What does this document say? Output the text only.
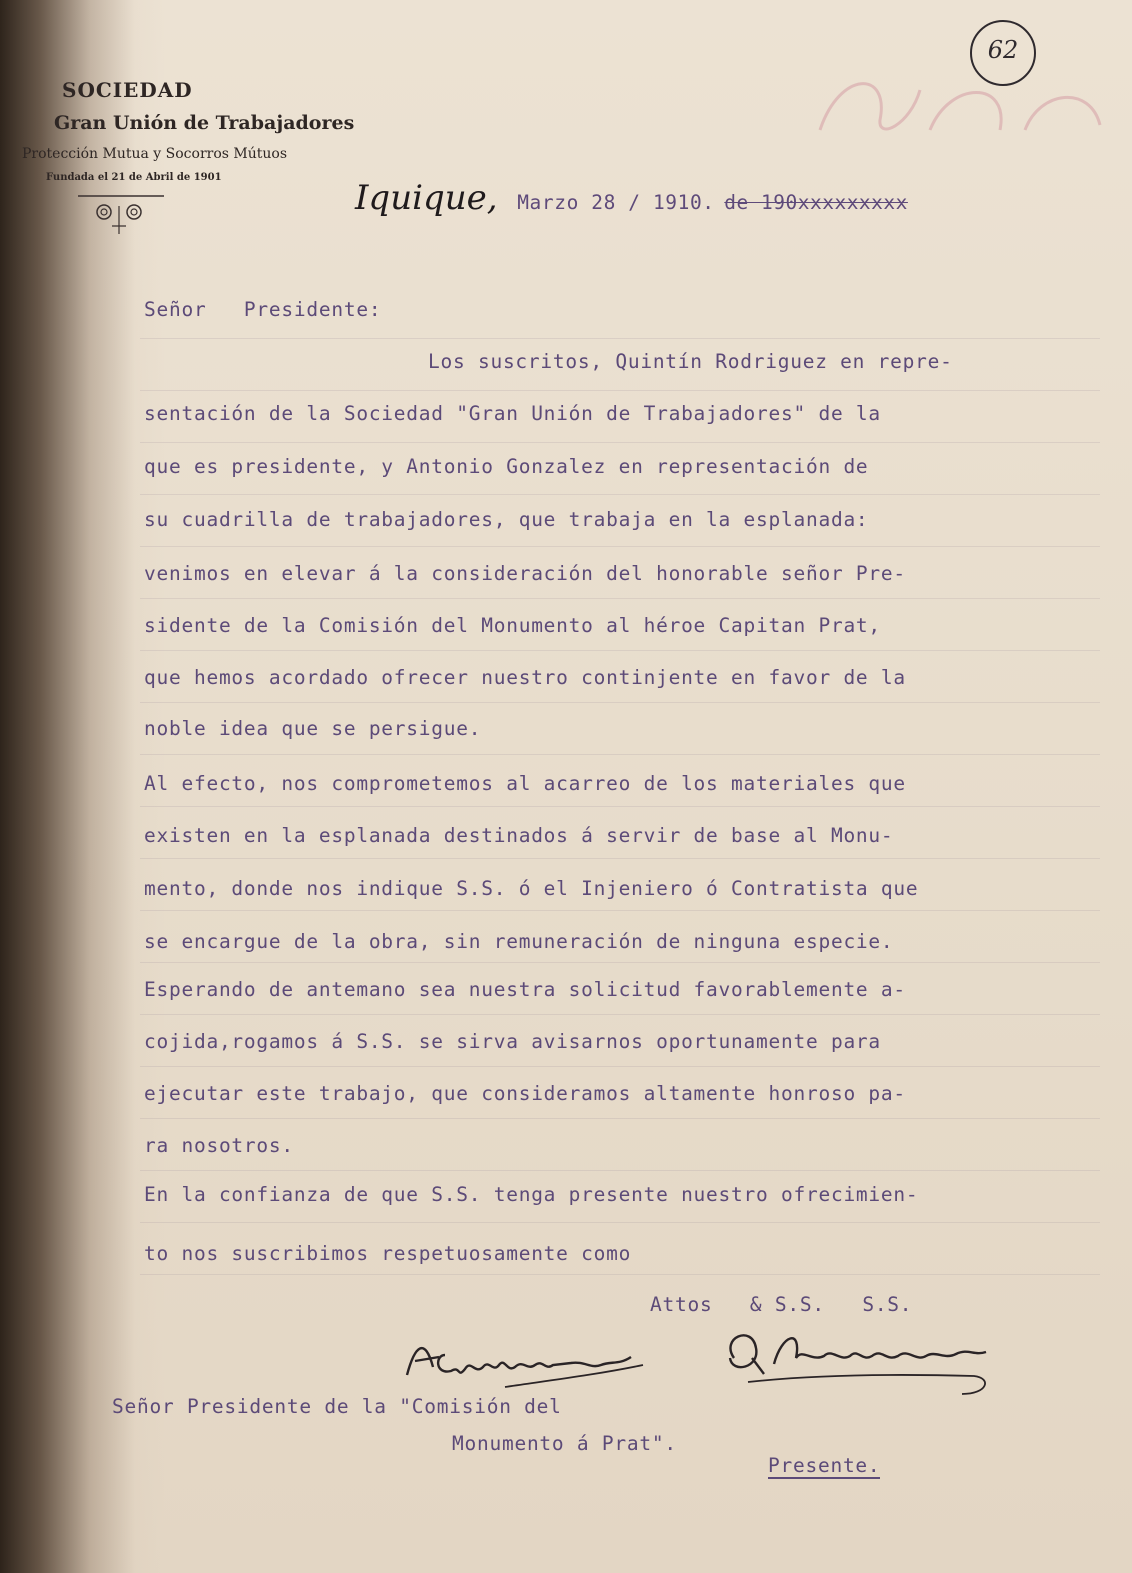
62
SOCIEDAD
Gran Unión de Trabajadores
Protección Mutua y Socorros Mútuos
Fundada el 21 de Abril de 1901
Iquique, Marzo 28 / 1910. de 190xxxxxxxxx
Señor   Presidente:
Los suscritos, Quintín Rodriguez en repre-
sentación de la Sociedad "Gran Unión de Trabajadores" de la
que es presidente, y Antonio Gonzalez en representación de
su cuadrilla de trabajadores, que trabaja en la esplanada:
venimos en elevar á la consideración del honorable señor Pre-
sidente de la Comisión del Monumento al héroe Capitan Prat,
que hemos acordado ofrecer nuestro continjente en favor de la
noble idea que se persigue.
Al efecto, nos comprometemos al acarreo de los materiales que
existen en la esplanada destinados á servir de base al Monu-
mento, donde nos indique S.S. ó el Injeniero ó Contratista que
se encargue de la obra, sin remuneración de ninguna especie.
Esperando de antemano sea nuestra solicitud favorablemente a-
cojida,rogamos á S.S. se sirva avisarnos oportunamente para
ejecutar este trabajo, que consideramos altamente honroso pa-
ra nosotros.
En la confianza de que S.S. tenga presente nuestro ofrecimien-
to nos suscribimos respetuosamente como
Attos   & S.S.   S.S.
Señor Presidente de la "Comisión del
Monumento á Prat".
Presente.
